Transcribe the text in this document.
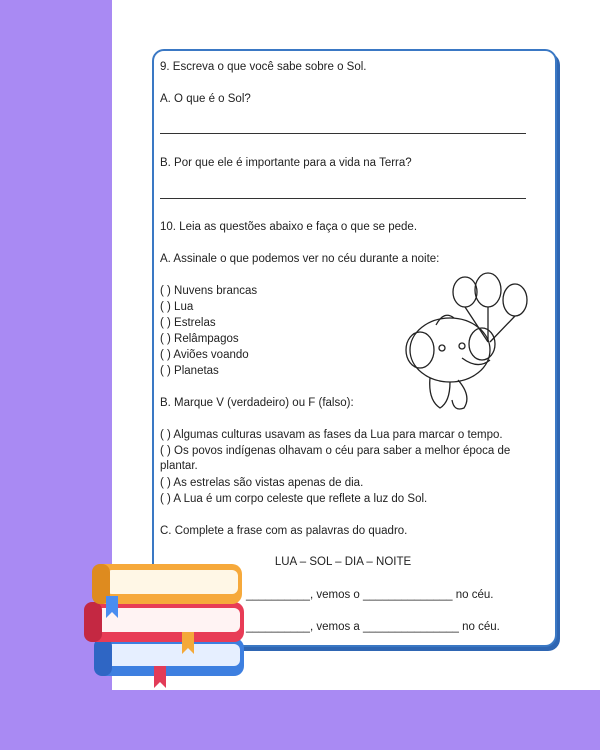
9. Escreva o que você sabe sobre o Sol.
A. O que é o Sol?
B. Por que ele é importante para a vida na Terra?
10. Leia as questões abaixo e faça o que se pede.
A. Assinale o que podemos ver no céu durante a noite:
( ) Nuvens brancas
( ) Lua
( ) Estrelas
( ) Relâmpagos
( ) Aviões voando
( ) Planetas
B. Marque V (verdadeiro) ou F (falso):
( ) Algumas culturas usavam as fases da Lua para marcar o tempo.
( ) Os povos indígenas olhavam o céu para saber a melhor época de plantar.
( ) As estrelas são vistas apenas de dia.
( ) A Lua é um corpo celeste que reflete a luz do Sol.
C. Complete a frase com as palavras do quadro.
LUA – SOL – DIA – NOITE
__________, vemos o ______________ no céu.
__________, vemos a _______________ no céu.
